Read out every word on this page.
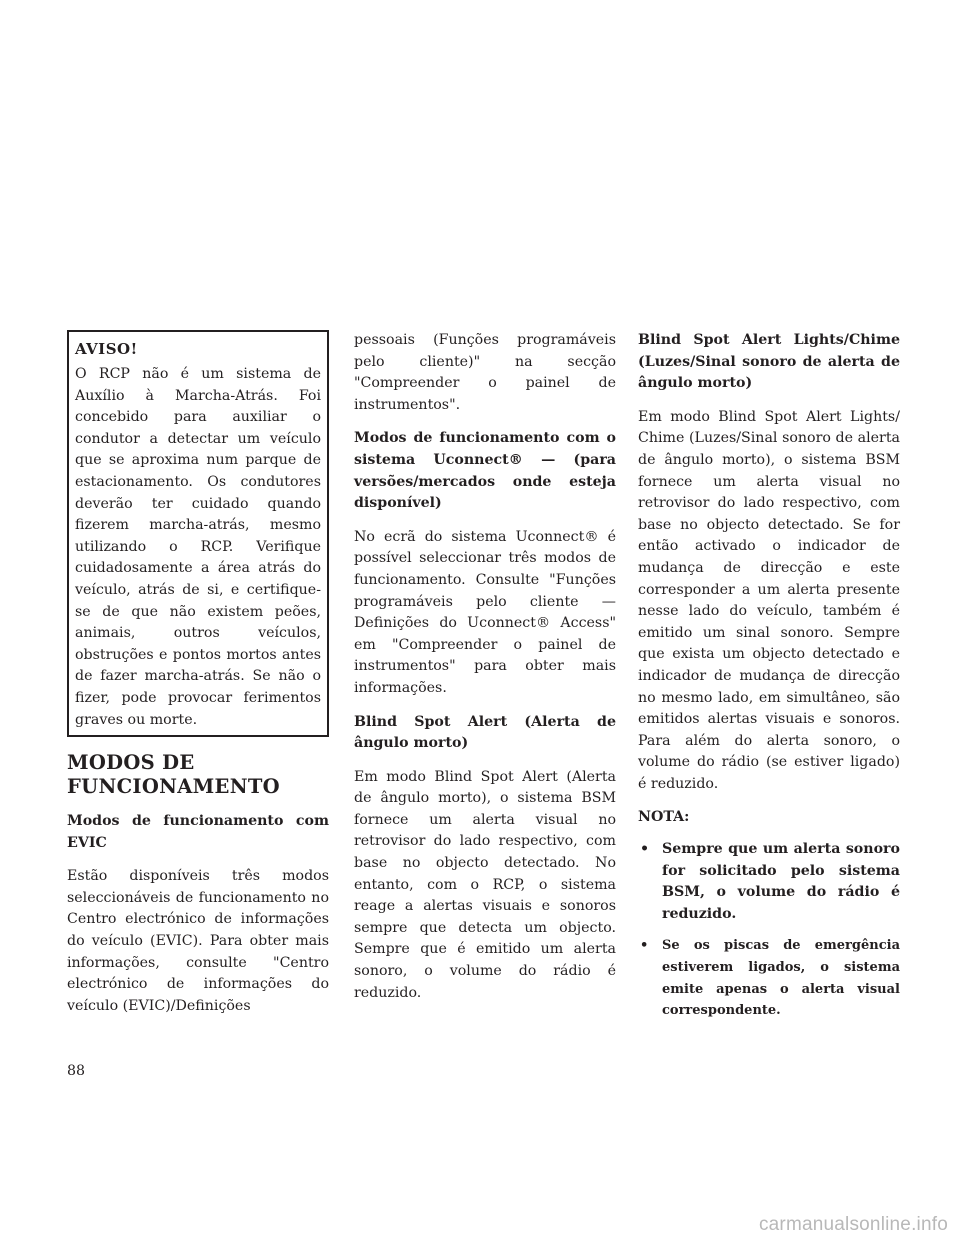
AVISO!

O RCP não é um sistema de Auxílio à Marcha-Atrás. Foi concebido para auxiliar o condutor a detectar um veículo que se aproxima num parque de estacionamento. Os condutores deverão ter cuidado quando fizerem marcha-atrás, mesmo utilizando o RCP. Verifique cuidadosamente a área atrás do veículo, atrás de si, e certifique-se de que não existem peões, animais, outros veículos, obstruções e pontos mortos antes de fazer marcha-atrás. Se não o fizer, pode provocar ferimentos graves ou morte.

MODOS DE FUNCIONAMENTO
Modos de funcionamento com EVIC

Estão disponíveis três modos seleccionáveis de funcionamento no Centro electrónico de informações do veículo (EVIC). Para obter mais informações, consulte "Centro electrónico de informações do veículo (EVIC)/Definições

pessoais (Funções programáveis pelo cliente)" na secção "Compreender o painel de instrumentos".

Modos de funcionamento com o sistema Uconnect® — (para versões/mercados onde esteja disponível)

No ecrã do sistema Uconnect® é possível seleccionar três modos de funcionamento. Consulte "Funções programáveis pelo cliente — Definições do Uconnect® Access" em "Compreender o painel de instrumentos" para obter mais informações.

Blind Spot Alert (Alerta de ângulo morto)

Em modo Blind Spot Alert (Alerta de ângulo morto), o sistema BSM fornece um alerta visual no retrovisor do lado respectivo, com base no objecto detectado. No entanto, com o RCP, o sistema reage a alertas visuais e sonoros sempre que detecta um objecto. Sempre que é emitido um alerta sonoro, o volume do rádio é reduzido.

Blind Spot Alert Lights/Chime (Luzes/Sinal sonoro de alerta de ângulo morto)

Em modo Blind Spot Alert Lights/ Chime (Luzes/Sinal sonoro de alerta de ângulo morto), o sistema BSM fornece um alerta visual no retrovisor do lado respectivo, com base no objecto detectado. Se for então activado o indicador de mudança de direcção e este corresponder a um alerta presente nesse lado do veículo, também é emitido um sinal sonoro. Sempre que exista um objecto detectado e indicador de mudança de direcção no mesmo lado, em simultâneo, são emitidos alertas visuais e sonoros. Para além do alerta sonoro, o volume do rádio (se estiver ligado) é reduzido.

NOTA:
• Sempre que um alerta sonoro for solicitado pelo sistema BSM, o volume do rádio é reduzido.
• Se os piscas de emergência estiverem ligados, o sistema emite apenas o alerta visual correspondente.
88
carmanualsonline.info
